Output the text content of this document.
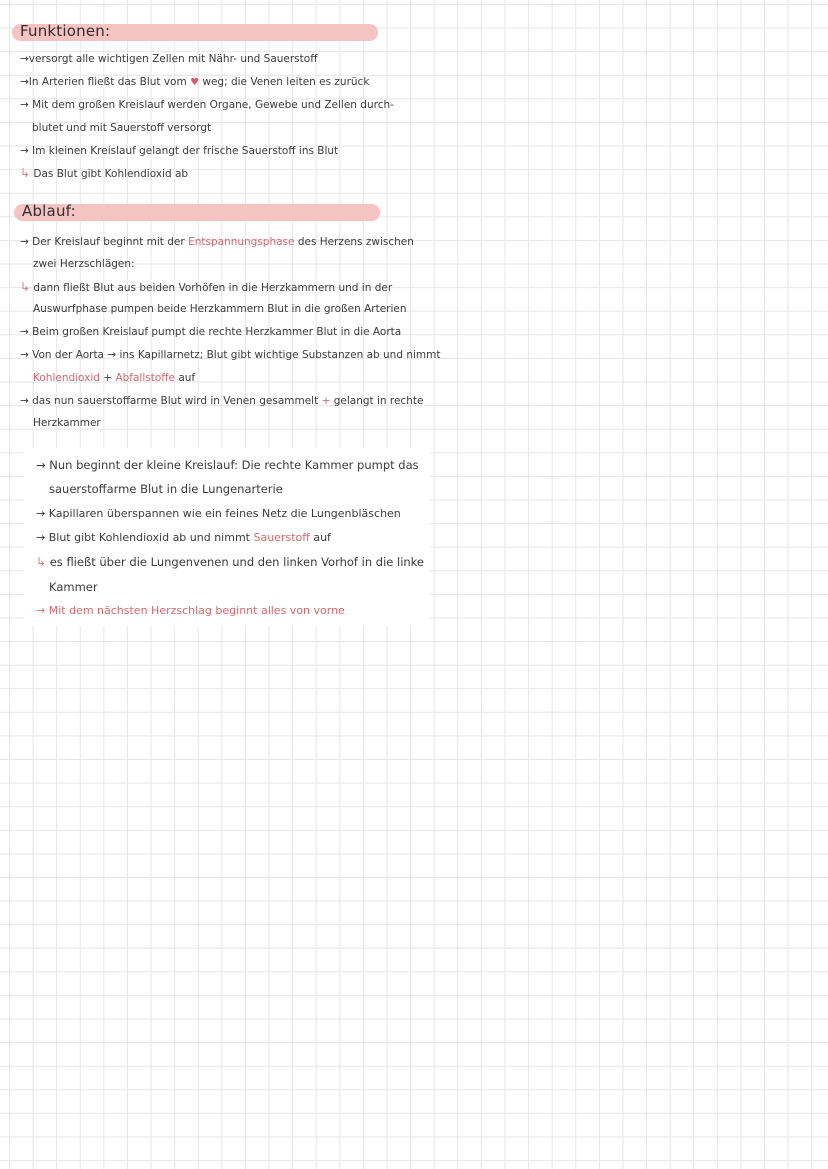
Funktionen:
→versorgt alle wichtigen Zellen mit Nähr- und Sauerstoff
→In Arterien fließt das Blut vom ♥ weg; die Venen leiten es zurück
→ Mit dem großen Kreislauf werden Organe, Gewebe und Zellen durch-
blutet und mit Sauerstoff versorgt
→ Im kleinen Kreislauf gelangt der frische Sauerstoff ins Blut
↳ Das Blut gibt Kohlendioxid ab
Ablauf:
→ Der Kreislauf beginnt mit der Entspannungsphase des Herzens zwischen
zwei Herzschlägen:
↳ dann fließt Blut aus beiden Vorhöfen in die Herzkammern und in der
Auswurfphase pumpen beide Herzkammern Blut in die großen Arterien
→ Beim großen Kreislauf pumpt die rechte Herzkammer Blut in die Aorta
→ Von der Aorta → ins Kapillarnetz; Blut gibt wichtige Substanzen ab und nimmt
Kohlendioxid + Abfallstoffe auf
→ das nun sauerstoffarme Blut wird in Venen gesammelt + gelangt in rechte
Herzkammer
→ Nun beginnt der kleine Kreislauf: Die rechte Kammer pumpt das
sauerstoffarme Blut in die Lungenarterie
→ Kapillaren überspannen wie ein feines Netz die Lungenbläschen
→ Blut gibt Kohlendioxid ab und nimmt Sauerstoff auf
↳ es fließt über die Lungenvenen und den linken Vorhof in die linke
Kammer
→ Mit dem nächsten Herzschlag beginnt alles von vorne
